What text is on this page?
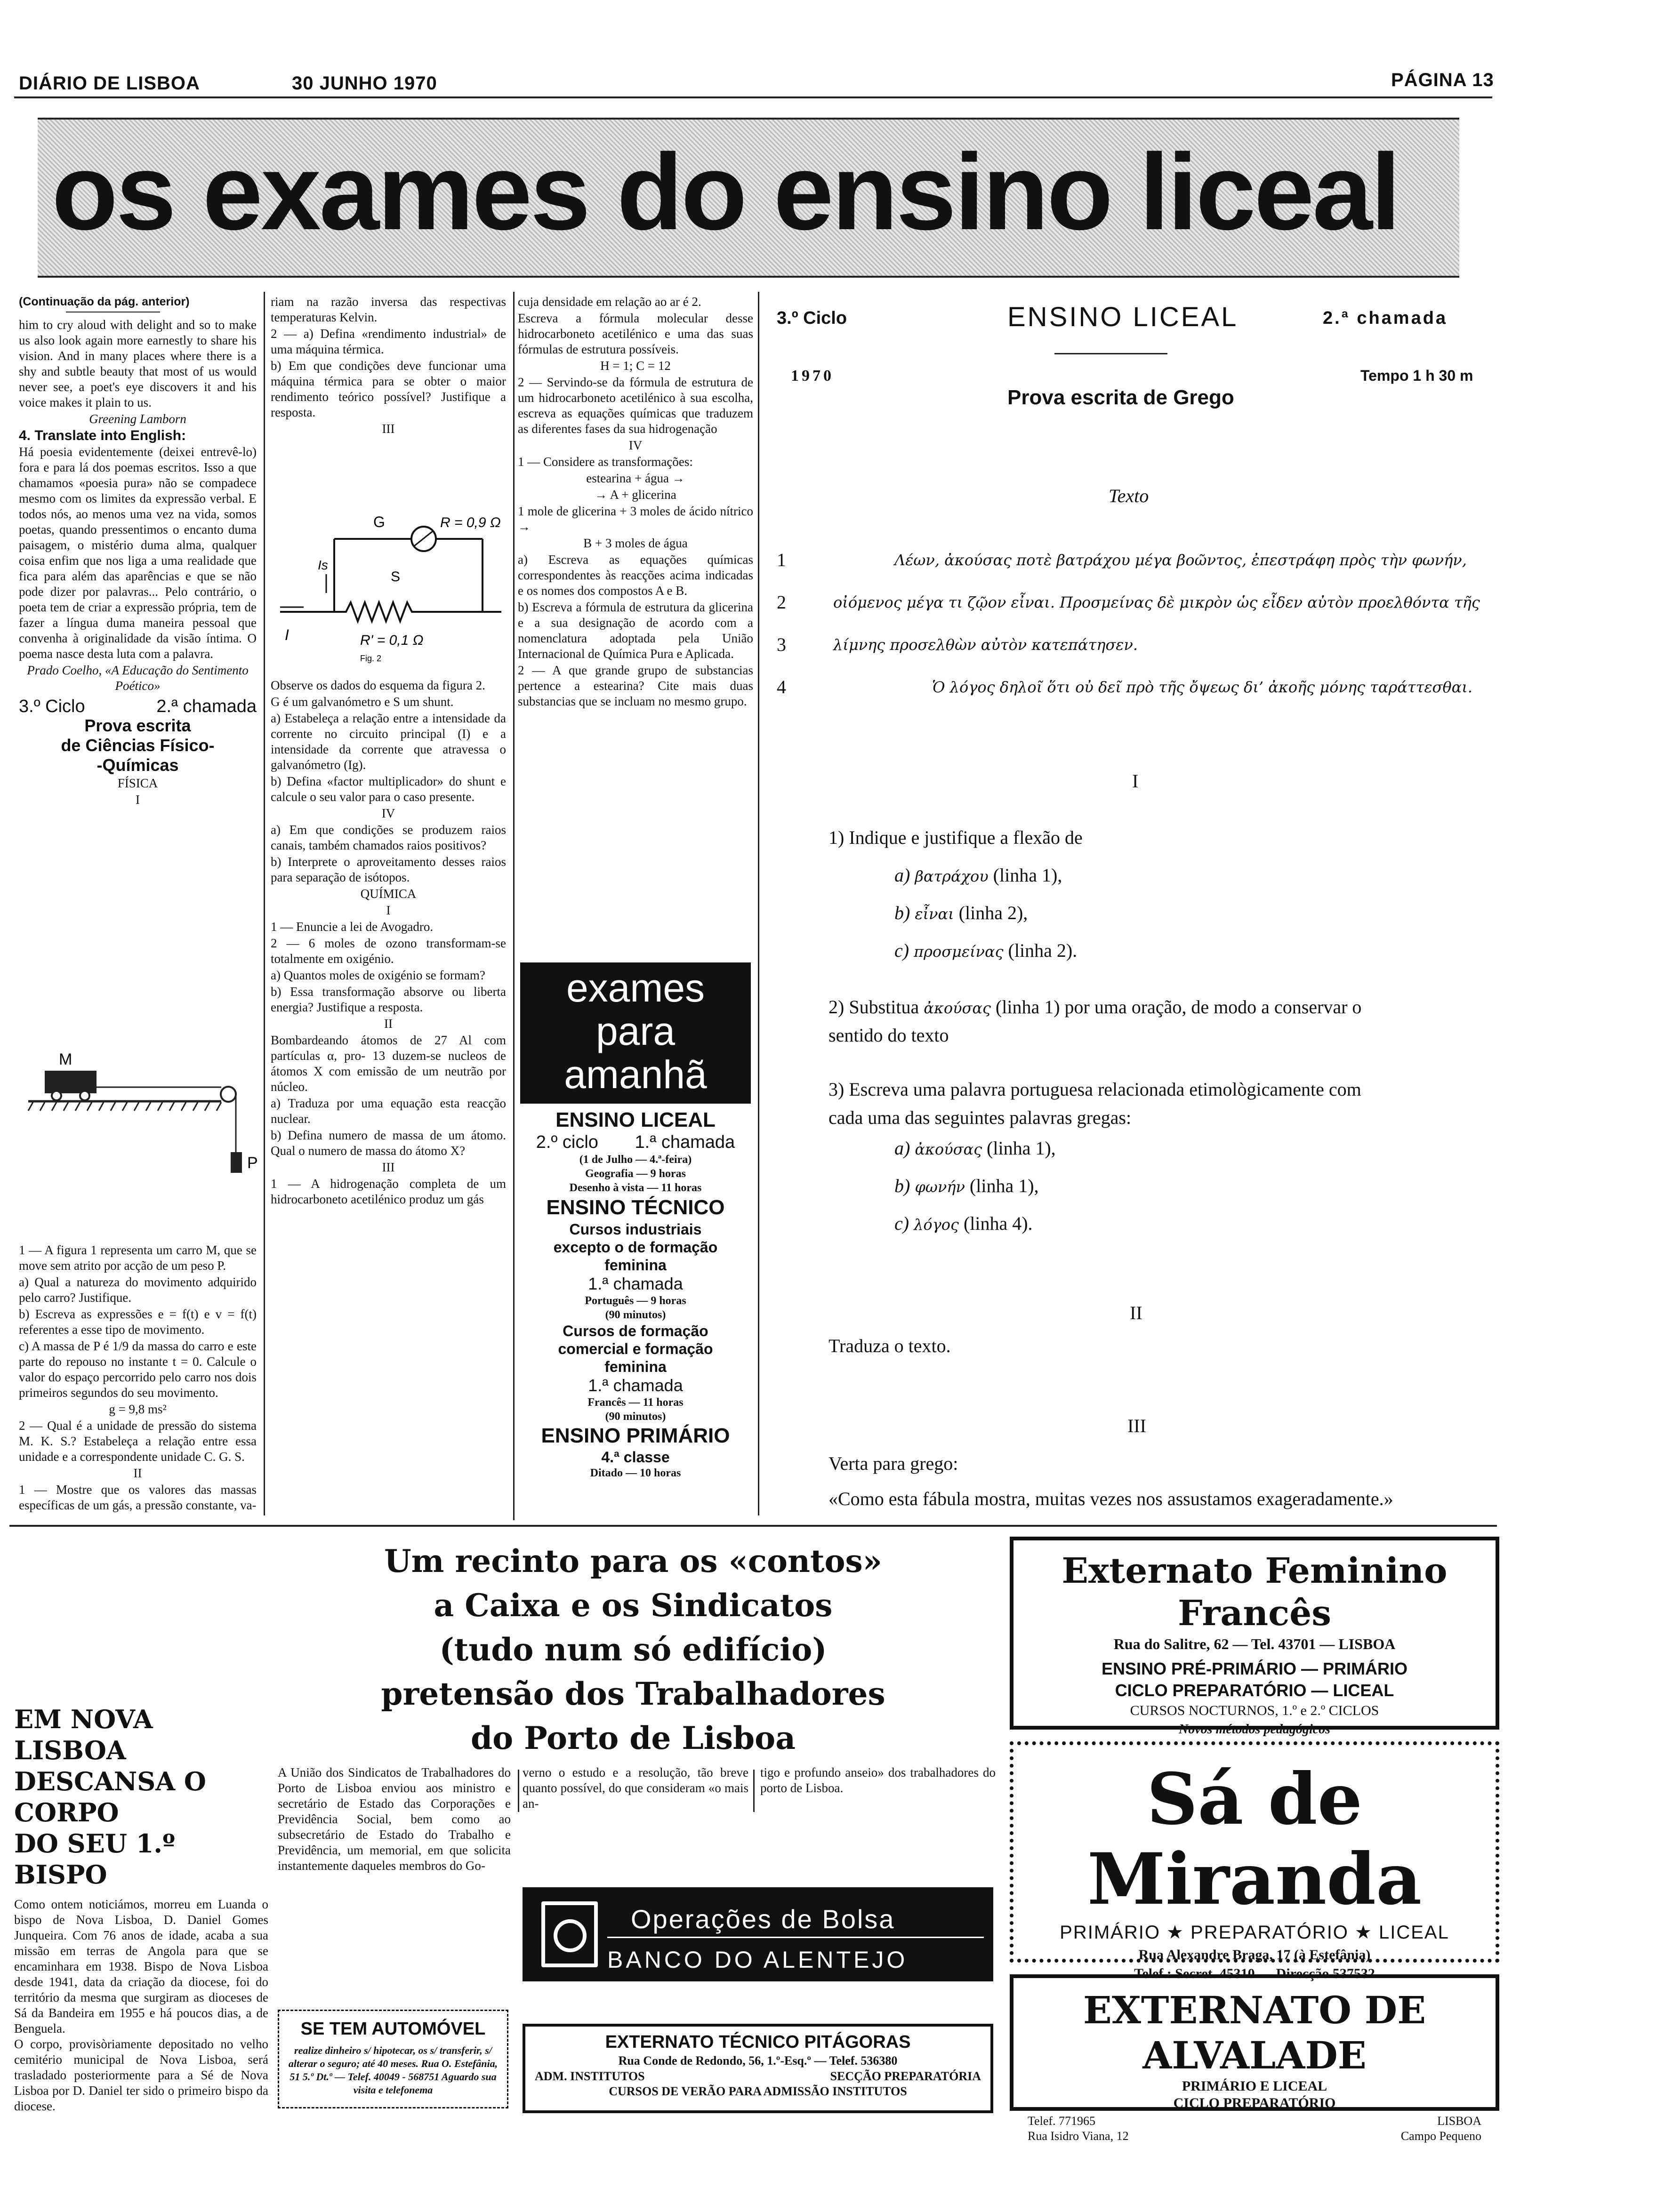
DIÁRIO DE LISBOA	30 JUNHO 1970	PÁGINA 13
os exames do ensino liceal

(Continuação da pág. anterior)

him to cry aloud with delight and so to make us also look again more earnestly to share his vision. And in many places where there is a shy and subtle beauty that most of us would never see, a poet's eye discovers it and his voice makes it plain to us.

Greening Lamborn

4. Translate into English:

Há poesia evidentemente (deixei entrevê-lo) fora e para lá dos poemas escritos. Isso a que chamamos «poesia pura» não se compadece mesmo com os limites da expressão verbal. E todos nós, ao menos uma vez na vida, somos poetas, quando pressentimos o encanto duma paisagem, o mistério duma alma, qualquer coisa enfim que nos liga a uma realidade que fica para além das aparências e que se não pode dizer por palavras... Pelo contrário, o poeta tem de criar a expressão própria, tem de fazer a língua duma maneira pessoal que convenha à originalidade da visão íntima. O poema nasce desta luta com a palavra.

Prado Coelho, «A Educação do Sentimento Poético»

3.º Ciclo	2.ª chamada

Prova escrita

de Ciências Físico-

-Químicas

FÍSICA

I

M
P

1 — A figura 1 representa um carro M, que se move sem atrito por acção de um peso P.

a) Qual a natureza do movimento adquirido pelo carro? Justifique.

b) Escreva as expressões e = f(t) e v = f(t) referentes a esse tipo de movimento.

c) A massa de P é 1/9 da massa do carro e este parte do repouso no instante t = 0. Calcule o valor do espaço percorrido pelo carro nos dois primeiros segundos do seu movimento.

g = 9,8 ms²

2 — Qual é a unidade de pressão do sistema M. K. S.? Estabeleça a relação entre essa unidade e a correspondente unidade C. G. S.

II

1 — Mostre que os valores das massas específicas de um gás, a pressão constante, va-

EM NOVA LISBOA
DESCANSA O CORPO
DO SEU 1.º BISPO

Como ontem noticiámos, morreu em Luanda o bispo de Nova Lisboa, D. Daniel Gomes Junqueira. Com 76 anos de idade, acaba a sua missão em terras de Angola para que se encaminhara em 1938. Bispo de Nova Lisboa desde 1941, data da criação da diocese, foi do território da mesma que surgiram as dioceses de Sá da Bandeira em 1955 e há poucos dias, a de Benguela.

O corpo, provisòriamente depositado no velho cemitério municipal de Nova Lisboa, será trasladado posteriormente para a Sé de Nova Lisboa por D. Daniel ter sido o primeiro bispo da diocese.

riam na razão inversa das respectivas temperaturas Kelvin.

2 — a) Defina «rendimento industrial» de uma máquina térmica.

b) Em que condições deve funcionar uma máquina térmica para se obter o maior rendimento teórico possível? Justifique a resposta.

III

G	R = 0,9 Ω
Is
S
I	R' = 0,1 Ω
Fig. 2

Observe os dados do esquema da figura 2.

G é um galvanómetro e S um shunt.

a) Estabeleça a relação entre a intensidade da corrente no circuito principal (I) e a intensidade da corrente que atravessa o galvanómetro (Ig).

b) Defina «factor multiplicador» do shunt e calcule o seu valor para o caso presente.

IV

a) Em que condições se produzem raios canais, também chamados raios positivos?

b) Interprete o aproveitamento desses raios para separação de isótopos.

QUÍMICA

I

1 — Enuncie a lei de Avogadro.

2 — 6 moles de ozono transformam-se totalmente em oxigénio.

a) Quantos moles de oxigénio se formam?

b) Essa transformação absorve ou liberta energia? Justifique a resposta.

II

Bombardeando átomos de 27 Al com partículas α, pro- 13 duzem-se nucleos de átomos X com emissão de um neutrão por núcleo.

a) Traduza por uma equação esta reacção nuclear.

b) Defina numero de massa de um átomo. Qual o numero de massa do átomo X?

III

1 — A hidrogenação completa de um hidrocarboneto acetilénico produz um gás

cuja densidade em relação ao ar é 2.

Escreva a fórmula molecular desse hidrocarboneto acetilénico e uma das suas fórmulas de estrutura possíveis.

H = 1; C = 12

2 — Servindo-se da fórmula de estrutura de um hidrocarboneto acetilénico à sua escolha, escreva as equações químicas que traduzem as diferentes fases da sua hidrogenação

IV

1 — Considere as transformações:

estearina + água →

→ A + glicerina

1 mole de glicerina + 3 moles de ácido nítrico →

B + 3 moles de água

a) Escreva as equações químicas correspondentes às reacções acima indicadas e os nomes dos compostos A e B.

b) Escreva a fórmula de estrutura da glicerina e a sua designação de acordo com a nomenclatura adoptada pela União Internacional de Química Pura e Aplicada.

2 — A que grande grupo de substancias pertence a estearina? Cite mais duas substancias que se incluam no mesmo grupo.

exames
para
amanhã
ENSINO LICEAL
2.º ciclo 1.ª chamada
(1 de Julho — 4.ª-feira)
Geografia — 9 horas
Desenho à vista — 11 horas
ENSINO TÉCNICO
Cursos industriais
excepto o de formação
feminina
1.ª chamada
Português — 9 horas
(90 minutos)
Cursos de formação
comercial e formação
feminina
1.ª chamada
Francês — 11 horas
(90 minutos)
ENSINO PRIMÁRIO
4.ª classe
Ditado — 10 horas
3.º Ciclo	ENSINO LICEAL	2.ª chamada
1970	Tempo 1 h 30 m
Prova escrita de Grego
Texto
1	Λέων, ἀκούσας ποτὲ βατράχου μέγα βοῶντος, ἐπεστράφη πρὸς τὴν φωνήν,
2	οἰόμενος μέγα τι ζῷον εἶναι. Προσμείνας δὲ μικρὸν ὡς εἶδεν αὐτὸν προελθόντα τῆς
3	λίμνης προσελθὼν αὐτὸν κατεπάτησεν.
4	Ὁ λόγος δηλοῖ ὅτι οὐ δεῖ πρὸ τῆς ὄψεως δι’ ἀκοῆς μόνης ταράττεσθαι.
I
1) Indique e justifique a flexão de
a) βατράχου (linha 1),
b) εἶναι (linha 2),
c) προσμείνας (linha 2).
2) Substitua ἀκούσας (linha 1) por uma oração, de modo a conservar o
sentido do texto
3) Escreva uma palavra portuguesa relacionada etimològicamente com
cada uma das seguintes palavras gregas:
a) ἀκούσας (linha 1),
b) φωνήν (linha 1),
c) λόγος (linha 4).
II
Traduza o texto.
III
Verta para grego:
«Como esta fábula mostra, muitas vezes nos assustamos exageradamente.»
Um recinto para os «contos»
a Caixa e os Sindicatos
(tudo num só edifício)
pretensão dos Trabalhadores
do Porto de Lisboa
A União dos Sindicatos de Trabalhadores do Porto de Lisboa enviou aos ministro e secretário de Estado das Corporações e Previdência Social, bem como ao subsecretário de Estado do Trabalho e Previdência, um memorial, em que solicita instantemente daqueles membros do Go-
verno o estudo e a resolução, tão breve quanto possível, do que consideram «o mais an-
tigo e profundo anseio» dos trabalhadores do porto de Lisboa.
Operações de Bolsa
BANCO DO ALENTEJO
SE TEM AUTOMÓVEL
realize dinheiro s/ hipotecar, os s/ transferir, s/ alterar o seguro; até 40 meses. Rua O. Estefânia, 51 5.º Dt.º — Telef. 40049 - 568751 Aguardo sua visita e telefonema
EXTERNATO TÉCNICO PITÁGORAS
Rua Conde de Redondo, 56, 1.º-Esq.º — Telef. 536380
ADM. INSTITUTOS	SECÇÃO PREPARATÓRIA
CURSOS DE VERÃO PARA ADMISSÃO INSTITUTOS
Externato Feminino Francês
Rua do Salitre, 62 — Tel. 43701 — LISBOA
ENSINO PRÉ-PRIMÁRIO — PRIMÁRIO
CICLO PREPARATÓRIO — LICEAL
CURSOS NOCTURNOS, 1.º e 2.º CICLOS
Novos métodos pedagógicos
Sá de Miranda
PRIMÁRIO ★ PREPARATÓRIO ★ LICEAL
Rua Alexandre Braga, 17 (à Estefânia)
Telef.: Secret. 45310 — Direcção 537532
EXTERNATO DE ALVALADE
PRIMÁRIO E LICEAL
CICLO PREPARATÓRIO
Telef. 771965	LISBOA
Rua Isidro Viana, 12	Campo Pequeno
